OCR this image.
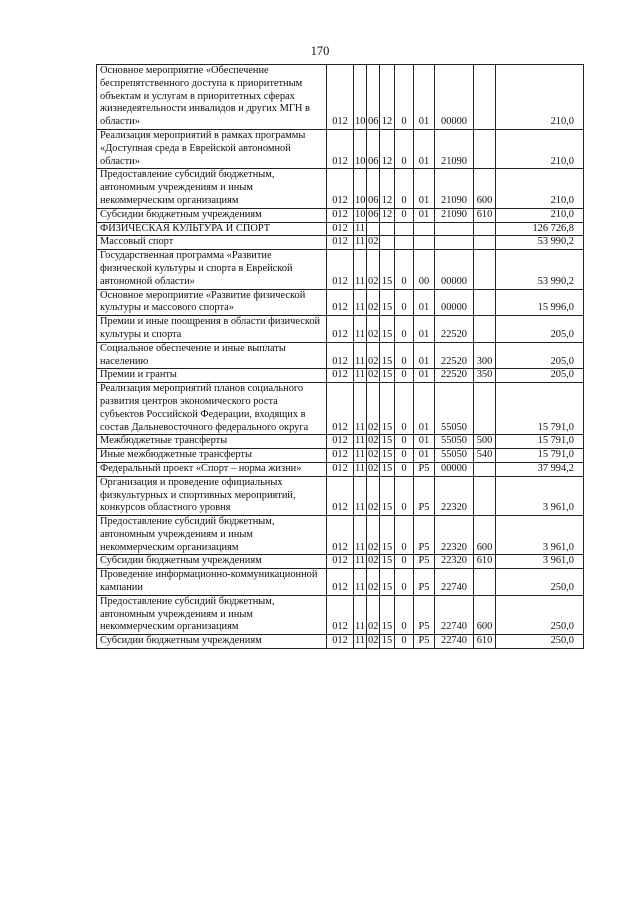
170
Основное мероприятие «Обеспечение беспрепятственного доступа к приоритетным объектам и услугам в приоритетных сферах жизнедеятельности инвалидов и других МГН в области»	012	10	06	12	0	01	00000		210,0
Реализация мероприятий в рамках программы «Доступная среда в Еврейской автономной области»	012	10	06	12	0	01	21090		210,0
Предоставление субсидий бюджетным, автономным учреждениям и иным некоммерческим организациям	012	10	06	12	0	01	21090	600	210,0
Субсидии бюджетным учреждениям	012	10	06	12	0	01	21090	610	210,0
ФИЗИЧЕСКАЯ КУЛЬТУРА И СПОРТ	012	11							126 726,8
Массовый спорт	012	11	02						53 990,2
Государственная программа «Развитие физической культуры и спорта в Еврейской автономной области»	012	11	02	15	0	00	00000		53 990,2
Основное мероприятие «Развитие физической культуры и массового спорта»	012	11	02	15	0	01	00000		15 996,0
Премии и иные поощрения в области физической культуры и спорта	012	11	02	15	0	01	22520		205,0
Социальное обеспечение и иные выплаты населению	012	11	02	15	0	01	22520	300	205,0
Премии и гранты	012	11	02	15	0	01	22520	350	205,0
Реализация мероприятий планов социального развития центров экономического роста субъектов Российской Федерации, входящих в состав Дальневосточного федерального округа	012	11	02	15	0	01	55050		15 791,0
Межбюджетные трансферты	012	11	02	15	0	01	55050	500	15 791,0
Иные межбюджетные трансферты	012	11	02	15	0	01	55050	540	15 791,0
Федеральный проект «Спорт – норма жизни»	012	11	02	15	0	P5	00000		37 994,2
Организация и проведение официальных физкультурных и спортивных мероприятий, конкурсов областного уровня	012	11	02	15	0	P5	22320		3 961,0
Предоставление субсидий бюджетным, автономным учреждениям и иным некоммерческим организациям	012	11	02	15	0	P5	22320	600	3 961,0
Субсидии бюджетным учреждениям	012	11	02	15	0	P5	22320	610	3 961,0
Проведение информационно-коммуникационной кампании	012	11	02	15	0	P5	22740		250,0
Предоставление субсидий бюджетным, автономным учреждениям и иным некоммерческим организациям	012	11	02	15	0	P5	22740	600	250,0
Субсидии бюджетным учреждениям	012	11	02	15	0	P5	22740	610	250,0
